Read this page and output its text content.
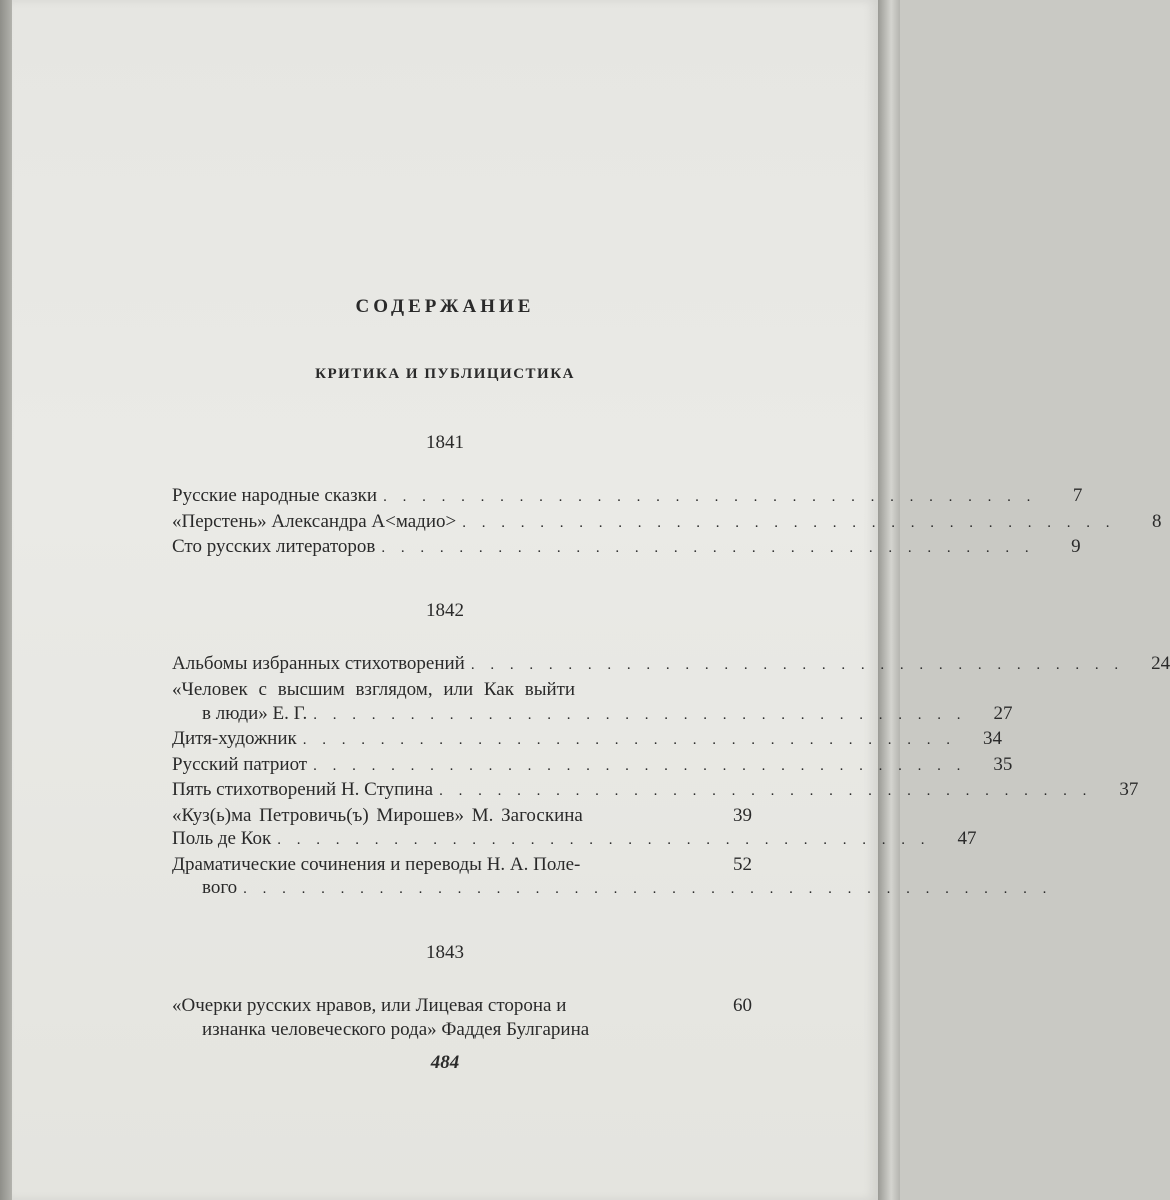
СОДЕРЖАНИЕ
КРИТИКА И ПУБЛИЦИСТИКА
1841
Русские народные сказки . . . . . . . . . . . . . . . . . . . . . . . . . . . . . . . . . .	7
«Перстень» Александра А<мадио> . . . . . . . . . . . . . . . . . . . . . . . . . . . . . . . . . .	8
Сто русских литераторов . . . . . . . . . . . . . . . . . . . . . . . . . . . . . . . . . .	9
1842
Альбомы избранных стихотворений . . . . . . . . . . . . . . . . . . . . . . . . . . . . . . . . . .	24
«Человек с высшим взглядом, или Как выйти
в люди» Е. Г. . . . . . . . . . . . . . . . . . . . . . . . . . . . . . . . . . .	27
Дитя-художник . . . . . . . . . . . . . . . . . . . . . . . . . . . . . . . . . .	34
Русский патриот . . . . . . . . . . . . . . . . . . . . . . . . . . . . . . . . . .	35
Пять стихотворений Н. Ступина . . . . . . . . . . . . . . . . . . . . . . . . . . . . . . . . . .	37
«Куз(ь)ма Петровичь(ъ) Мирошев» М. Загоскина	39
Поль де Кок . . . . . . . . . . . . . . . . . . . . . . . . . . . . . . . . . .	47
Драматические сочинения и переводы Н. А. Поле-	52
вого . . . . . . . . . . . . . . . . . . . . . . . . . . . . . . . . . . . . . . . . . .
1843
«Очерки русских нравов, или Лицевая сторона и	60
изнанка человеческого рода» Фаддея Булгарина
484
